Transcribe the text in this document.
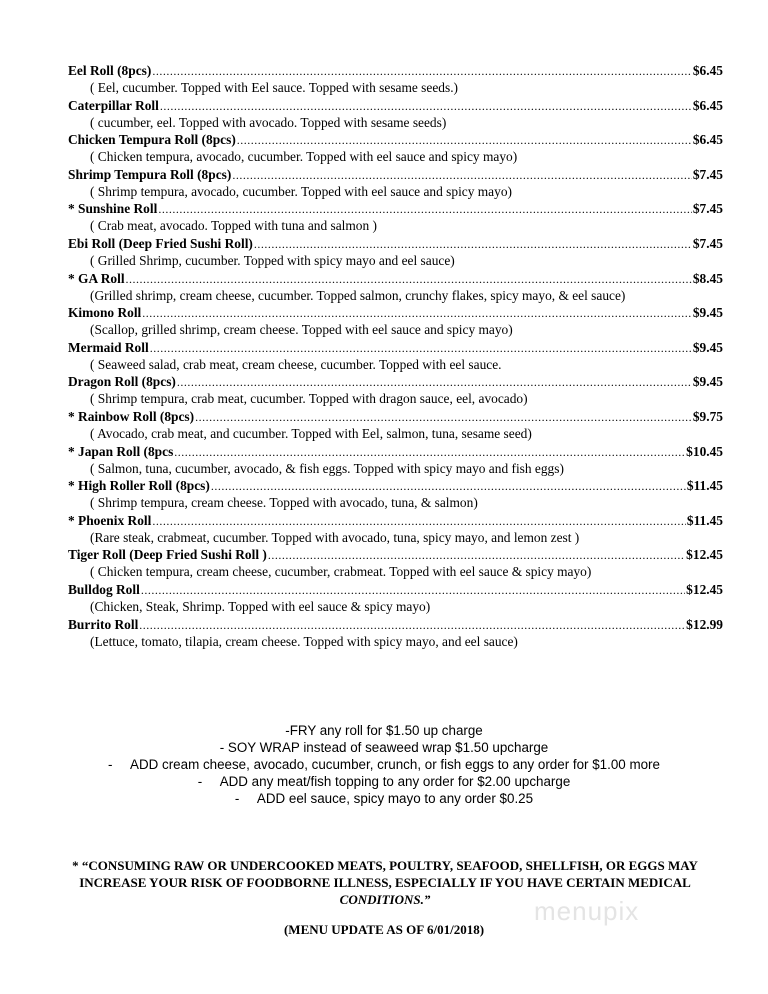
Eel Roll (8pcs) .....	$6.45
( Eel, cucumber. Topped with Eel sauce. Topped with sesame seeds.)
Caterpillar Roll .....	$6.45
( cucumber, eel. Topped with avocado. Topped with sesame seeds)
Chicken Tempura Roll (8pcs) .....	$6.45
( Chicken tempura, avocado, cucumber. Topped with eel sauce and spicy mayo)
Shrimp Tempura Roll (8pcs) .....	$7.45
( Shrimp tempura, avocado, cucumber. Topped with eel sauce and spicy mayo)
* Sunshine Roll .....	$7.45
( Crab meat, avocado. Topped with tuna and salmon )
Ebi Roll (Deep Fried Sushi Roll) .....	$7.45
( Grilled Shrimp, cucumber. Topped with spicy mayo and eel sauce)
* GA Roll .....	$8.45
(Grilled shrimp, cream cheese, cucumber. Topped salmon, crunchy flakes, spicy mayo, & eel sauce)
Kimono Roll .....	$9.45
(Scallop, grilled shrimp, cream cheese. Topped with eel sauce and spicy mayo)
Mermaid Roll .....	$9.45
( Seaweed salad, crab meat, cream cheese, cucumber. Topped with eel sauce.
Dragon Roll (8pcs) .....	$9.45
( Shrimp tempura, crab meat, cucumber. Topped with dragon sauce, eel, avocado)
* Rainbow Roll (8pcs) .....	$9.75
( Avocado, crab meat, and cucumber. Topped with Eel, salmon, tuna, sesame seed)
* Japan Roll (8pcs .....	$10.45
( Salmon, tuna, cucumber, avocado, & fish eggs. Topped with spicy mayo and fish eggs)
* High Roller Roll (8pcs) .....	$11.45
( Shrimp tempura, cream cheese. Topped with avocado, tuna, & salmon)
* Phoenix Roll .....	$11.45
(Rare steak, crabmeat, cucumber. Topped with avocado, tuna, spicy mayo, and lemon zest )
Tiger Roll (Deep Fried Sushi Roll ) .....	$12.45
( Chicken tempura, cream cheese, cucumber, crabmeat. Topped with eel sauce & spicy mayo)
Bulldog Roll .....	$12.45
(Chicken, Steak, Shrimp. Topped with eel sauce & spicy mayo)
Burrito Roll .....	$12.99
(Lettuce, tomato, tilapia, cream cheese. Topped with spicy mayo, and eel sauce)
-FRY any roll for $1.50 up charge
- SOY WRAP instead of seaweed wrap $1.50 upcharge
- ADD cream cheese, avocado, cucumber, crunch, or fish eggs to any order for $1.00 more
- ADD any meat/fish topping to any order for $2.00 upcharge
- ADD eel sauce, spicy mayo to any order $0.25
* “CONSUMING RAW OR UNDERCOOKED MEATS, POULTRY, SEAFOOD, SHELLFISH, OR EGGS MAY
INCREASE YOUR RISK OF FOODBORNE ILLNESS, ESPECIALLY IF YOU HAVE CERTAIN MEDICAL
CONDITIONS.”	menupix
(MENU UPDATE AS OF 6/01/2018)
